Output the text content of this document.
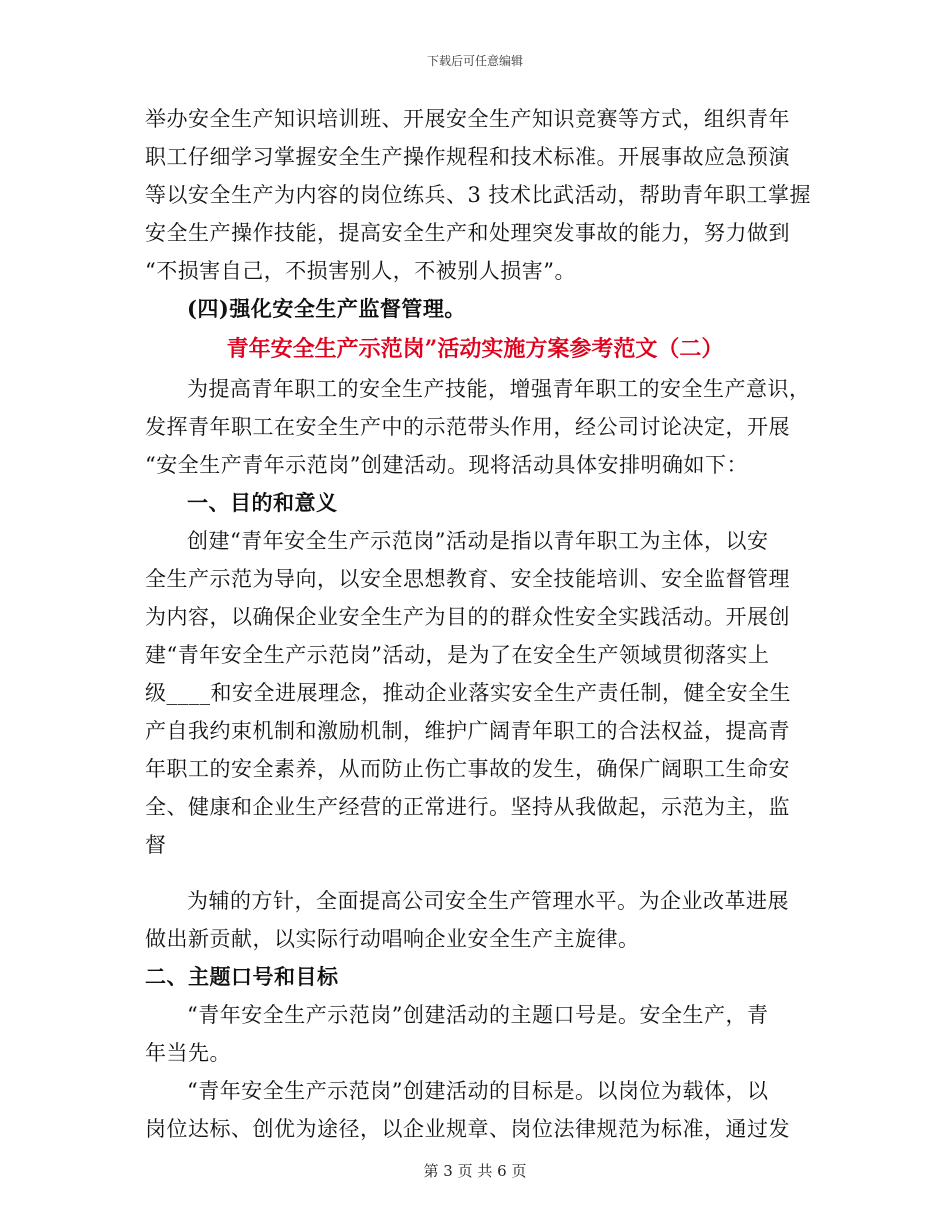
下载后可任意编辑
举办安全生产知识培训班、开展安全生产知识竞赛等方式，组织青年
职工仔细学习掌握安全生产操作规程和技术标准。开展事故应急预演
等以安全生产为内容的岗位练兵、3 技术比武活动，帮助青年职工掌握
安全生产操作技能，提高安全生产和处理突发事故的能力，努力做到
“不损害自己，不损害别人，不被别人损害”。
(四)强化安全生产监督管理。
青年安全生产示范岗”活动实施方案参考范文（二）
为提高青年职工的安全生产技能，增强青年职工的安全生产意识，
发挥青年职工在安全生产中的示范带头作用，经公司讨论决定，开展
“安全生产青年示范岗”创建活动。现将活动具体安排明确如下：
一、目的和意义
创建“青年安全生产示范岗”活动是指以青年职工为主体，以安
全生产示范为导向，以安全思想教育、安全技能培训、安全监督管理
为内容，以确保企业安全生产为目的的群众性安全实践活动。开展创
建“青年安全生产示范岗”活动，是为了在安全生产领域贯彻落实上
级____和安全进展理念，推动企业落实安全生产责任制，健全安全生
产自我约束机制和激励机制，维护广阔青年职工的合法权益，提高青
年职工的安全素养，从而防止伤亡事故的发生，确保广阔职工生命安
全、健康和企业生产经营的正常进行。坚持从我做起，示范为主，监
督
为辅的方针，全面提高公司安全生产管理水平。为企业改革进展
做出新贡献，以实际行动唱响企业安全生产主旋律。
二、主题口号和目标
“青年安全生产示范岗”创建活动的主题口号是。安全生产，青
年当先。
“青年安全生产示范岗”创建活动的目标是。以岗位为载体，以
岗位达标、创优为途径，以企业规章、岗位法律规范为标准，通过发
第 3 页 共 6 页
